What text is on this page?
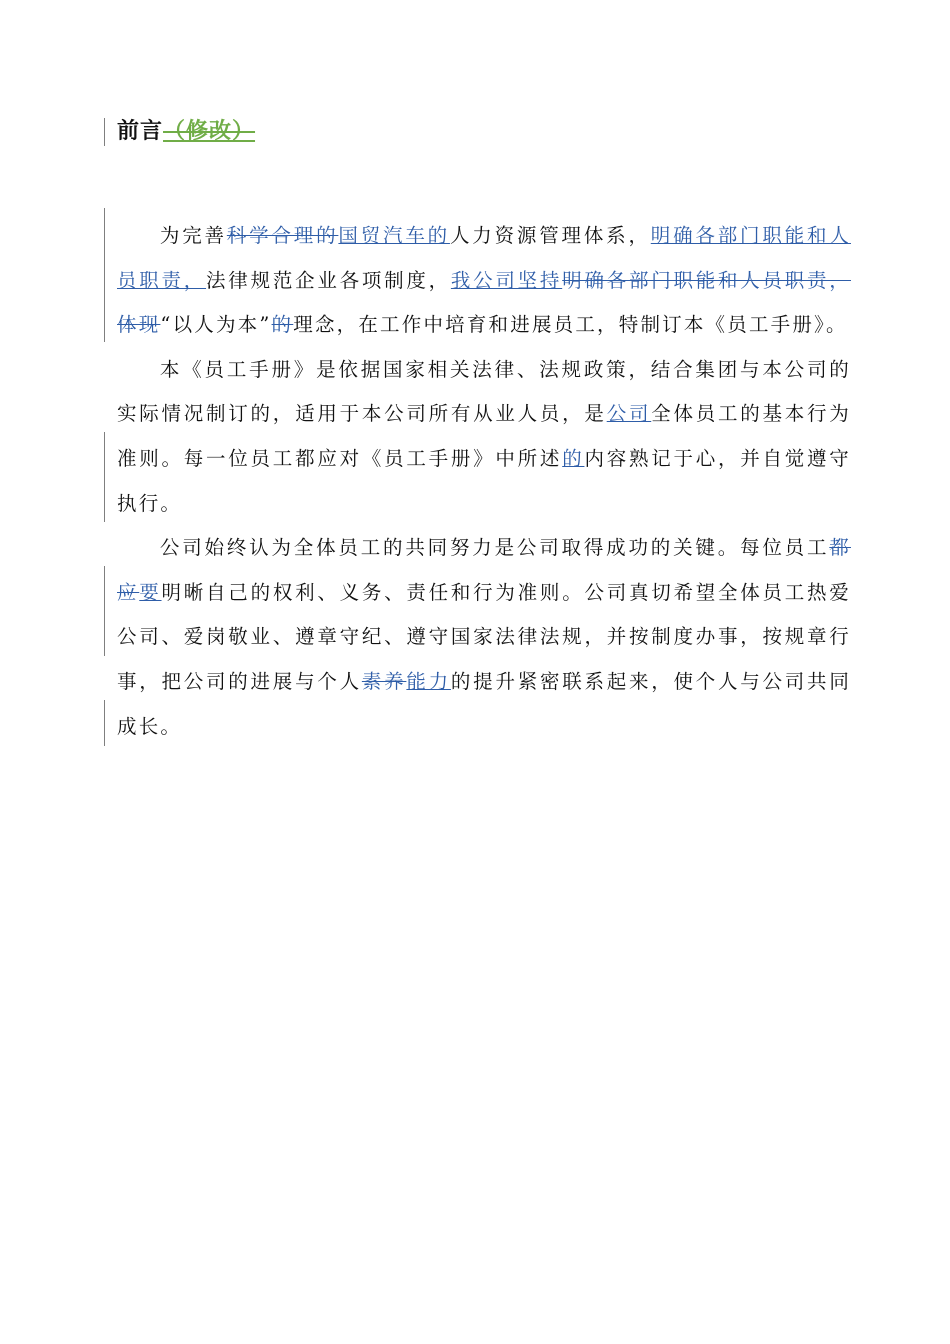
前言（修改）

为完善科学合理的国贸汽车的人力资源管理体系，明确各部门职能和人员职责，法律规范企业各项制度，我公司坚持明确各部门职能和人员职责，体现“以人为本”的理念，在工作中培育和进展员工，特制订本《员工手册》。

本《员工手册》是依据国家相关法律、法规政策，结合集团与本公司的实际情况制订的，适用于本公司所有从业人员，是公司全体员工的基本行为准则。每一位员工都应对《员工手册》中所述的内容熟记于心，并自觉遵守执行。

公司始终认为全体员工的共同努力是公司取得成功的关键。每位员工都应要明晰自己的权利、义务、责任和行为准则。公司真切希望全体员工热爱公司、爱岗敬业、遵章守纪、遵守国家法律法规，并按制度办事，按规章行事，把公司的进展与个人素养能力的提升紧密联系起来，使个人与公司共同成长。
